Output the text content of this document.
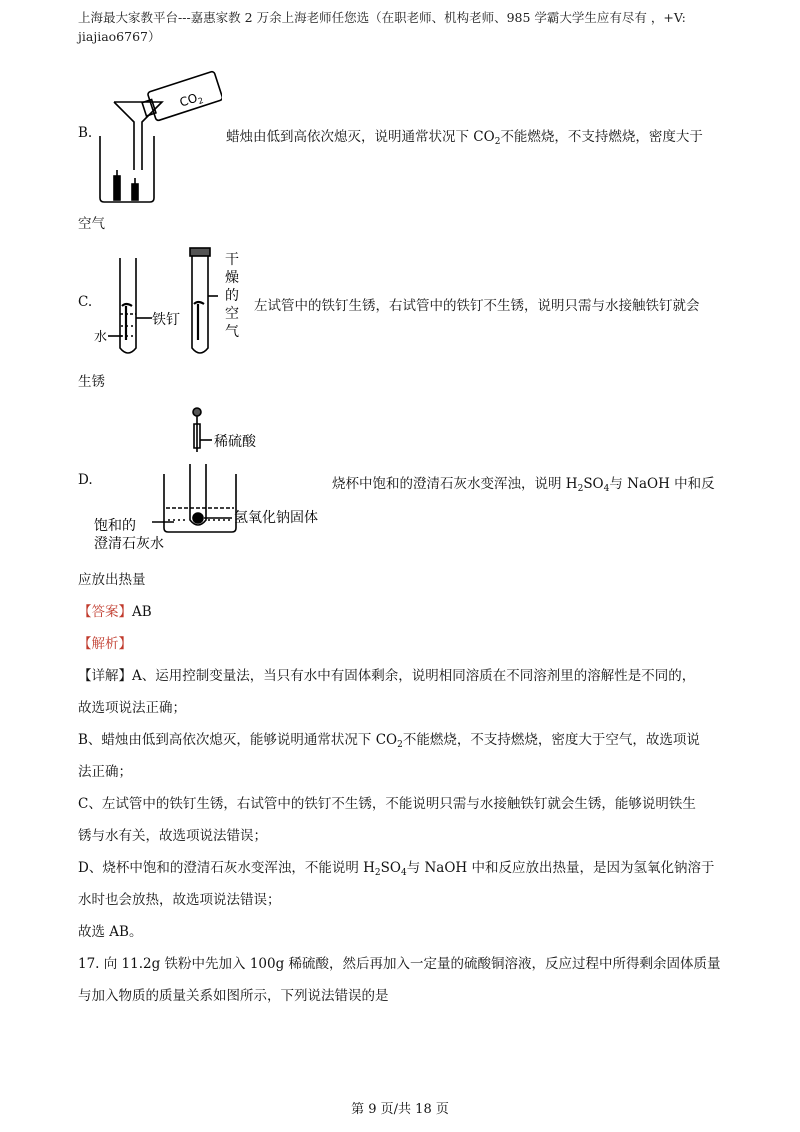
上海最大家教平台---嘉惠家教 2 万余上海老师任您选（在职老师、机构老师、985 学霸大学生应有尽有 ，+V:
jiajiao6767）
$CO_2$
B.	蜡烛由低到高依次熄灭，说明通常状况下 $CO_2$不能燃烧，不支持燃烧，密度大于
空气
水
铁钉
干
燥
的
空
气
C.	左试管中的铁钉生锈，右试管中的铁钉不生锈，说明只需与水接触铁钉就会
生锈
稀硫酸
氢氧化钠固体
饱和的
澄清石灰水
D.	烧杯中饱和的澄清石灰水变浑浊，说明 $H_2SO_4$与 NaOH 中和反
应放出热量
【答案】AB
【解析】
【详解】A、运用控制变量法，当只有水中有固体剩余，说明相同溶质在不同溶剂里的溶解性是不同的，
故选项说法正确；
B、蜡烛由低到高依次熄灭，能够说明通常状况下 $CO_2$不能燃烧，不支持燃烧，密度大于空气，故选项说
法正确；
C、左试管中的铁钉生锈，右试管中的铁钉不生锈，不能说明只需与水接触铁钉就会生锈，能够说明铁生
锈与水有关，故选项说法错误；
D、烧杯中饱和的澄清石灰水变浑浊，不能说明 $H_2SO_4$与 NaOH 中和反应放出热量，是因为氢氧化钠溶于
水时也会放热，故选项说法错误；
故选 AB。
17. 向 11.2g 铁粉中先加入 100g 稀硫酸，然后再加入一定量的硫酸铜溶液，反应过程中所得剩余固体质量
与加入物质的质量关系如图所示，下列说法错误的是
第 9 页/共 18 页
